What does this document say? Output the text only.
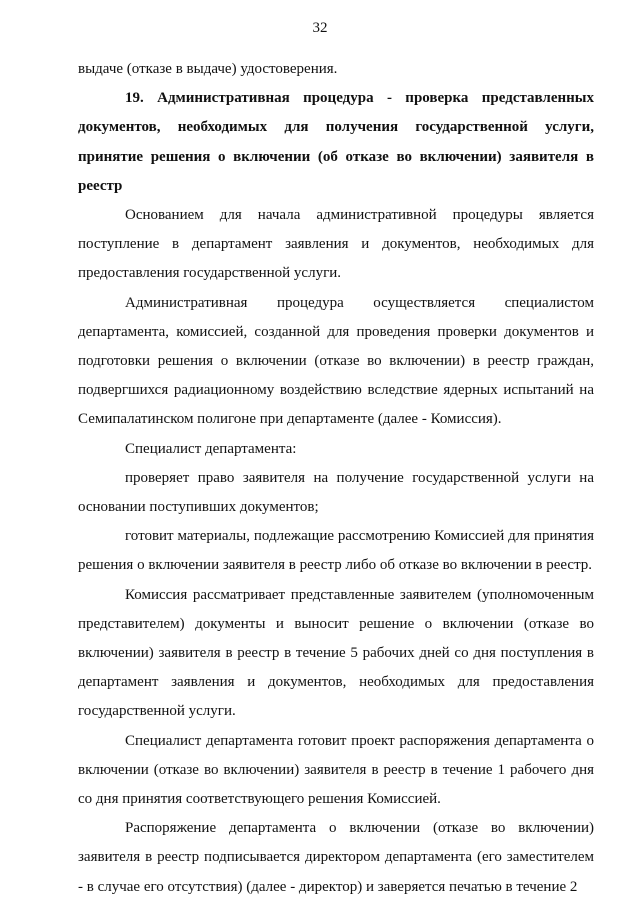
32

выдаче (отказе в выдаче) удостоверения.

19. Административная процедура - проверка представленных документов, необходимых для получения государственной услуги, принятие решения о включении (об отказе во включении) заявителя в реестр

Основанием для начала административной процедуры является поступление в департамент заявления и документов, необходимых для предоставления государственной услуги.

Административная процедура осуществляется специалистом департамента, комиссией, созданной для проведения проверки документов и подготовки решения о включении (отказе во включении) в реестр граждан, подвергшихся радиационному воздействию вследствие ядерных испытаний на Семипалатинском полигоне при департаменте (далее - Комиссия).

Специалист департамента:

проверяет право заявителя на получение государственной услуги на основании поступивших документов;

готовит материалы, подлежащие рассмотрению Комиссией для принятия решения о включении заявителя в реестр либо об отказе во включении в реестр.

Комиссия рассматривает представленные заявителем (уполномоченным представителем) документы и выносит решение о включении (отказе во включении) заявителя в реестр в течение 5 рабочих дней со дня поступления в департамент заявления и документов, необходимых для предоставления государственной услуги.

Специалист департамента готовит проект распоряжения департамента о включении (отказе во включении) заявителя в реестр в течение 1 рабочего дня со дня принятия соответствующего решения Комиссией.

Распоряжение департамента о включении (отказе во включении) заявителя в реестр подписывается директором департамента (его заместителем - в случае его отсутствия) (далее - директор) и заверяется печатью в течение 2
